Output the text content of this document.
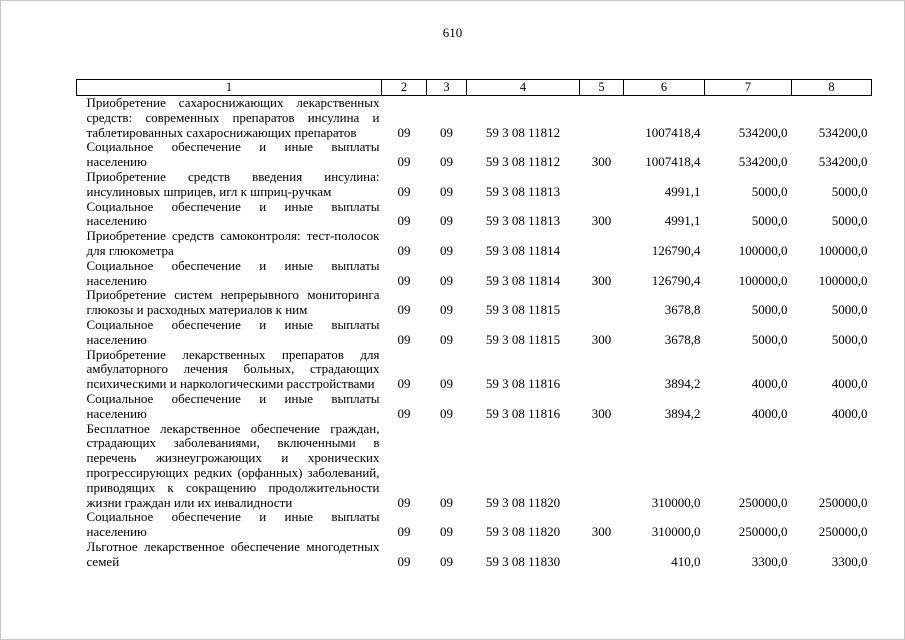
610
1	2	3	4	5	6	7	8
Приобретение сахароснижающих лекарственных средств: современных препаратов инсулина и таблетированных сахароснижающих препаратов	09	09	59 3 08 11812		1007418,4	534200,0	534200,0
Социальное обеспечение и иные выплаты населению	09	09	59 3 08 11812	300	1007418,4	534200,0	534200,0
Приобретение средств введения инсулина: инсулиновых шприцев, игл к шприц-ручкам	09	09	59 3 08 11813		4991,1	5000,0	5000,0
Социальное обеспечение и иные выплаты населению	09	09	59 3 08 11813	300	4991,1	5000,0	5000,0
Приобретение средств самоконтроля: тест-полосок для глюкометра	09	09	59 3 08 11814		126790,4	100000,0	100000,0
Социальное обеспечение и иные выплаты населению	09	09	59 3 08 11814	300	126790,4	100000,0	100000,0
Приобретение систем непрерывного мониторинга глюкозы и расходных материалов к ним	09	09	59 3 08 11815		3678,8	5000,0	5000,0
Социальное обеспечение и иные выплаты населению	09	09	59 3 08 11815	300	3678,8	5000,0	5000,0
Приобретение лекарственных препаратов для амбулаторного лечения больных, страдающих психическими и наркологическими расстройствами	09	09	59 3 08 11816		3894,2	4000,0	4000,0
Социальное обеспечение и иные выплаты населению	09	09	59 3 08 11816	300	3894,2	4000,0	4000,0
Бесплатное лекарственное обеспечение граждан, страдающих заболеваниями, включенными в перечень жизнеугрожающих и хронических прогрессирующих редких (орфанных) заболеваний, приводящих к сокращению продолжительности жизни граждан или их инвалидности	09	09	59 3 08 11820		310000,0	250000,0	250000,0
Социальное обеспечение и иные выплаты населению	09	09	59 3 08 11820	300	310000,0	250000,0	250000,0
Льготное лекарственное обеспечение многодетных семей	09	09	59 3 08 11830		410,0	3300,0	3300,0
